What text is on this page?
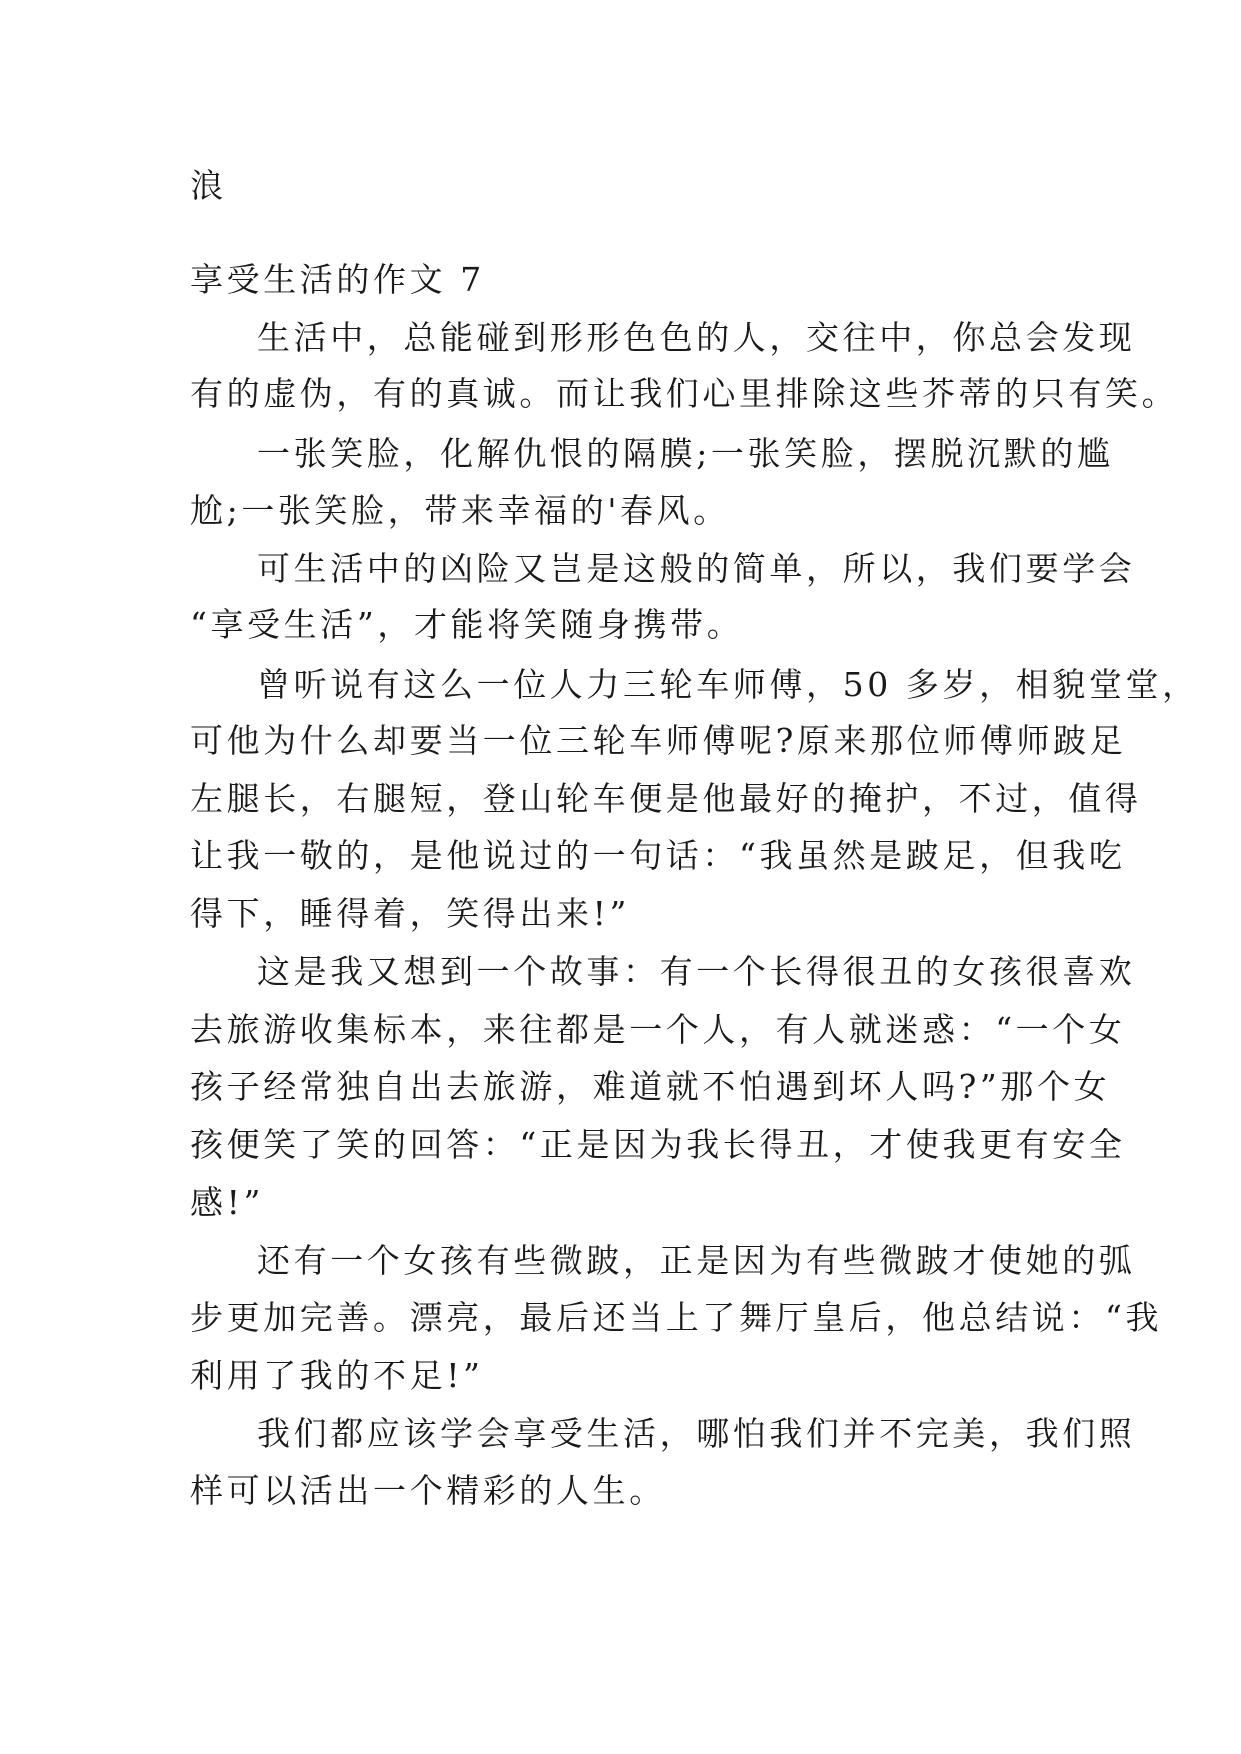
浪
享受生活的作文 7
生活中，总能碰到形形色色的人，交往中，你总会发现
有的虚伪，有的真诚。而让我们心里排除这些芥蒂的只有笑。
一张笑脸，化解仇恨的隔膜;一张笑脸，摆脱沉默的尴
尬;一张笑脸，带来幸福的'春风。
可生活中的凶险又岂是这般的简单，所以，我们要学会
“享受生活”，才能将笑随身携带。
曾听说有这么一位人力三轮车师傅，50 多岁，相貌堂堂，
可他为什么却要当一位三轮车师傅呢?原来那位师傅师跛足
左腿长，右腿短，登山轮车便是他最好的掩护，不过，值得
让我一敬的，是他说过的一句话：“我虽然是跛足，但我吃
得下，睡得着，笑得出来!”
这是我又想到一个故事：有一个长得很丑的女孩很喜欢
去旅游收集标本，来往都是一个人，有人就迷惑：“一个女
孩子经常独自出去旅游，难道就不怕遇到坏人吗?”那个女
孩便笑了笑的回答：“正是因为我长得丑，才使我更有安全
感!”
还有一个女孩有些微跛，正是因为有些微跛才使她的弧
步更加完善。漂亮，最后还当上了舞厅皇后，他总结说：“我
利用了我的不足!”
我们都应该学会享受生活，哪怕我们并不完美，我们照
样可以活出一个精彩的人生。
